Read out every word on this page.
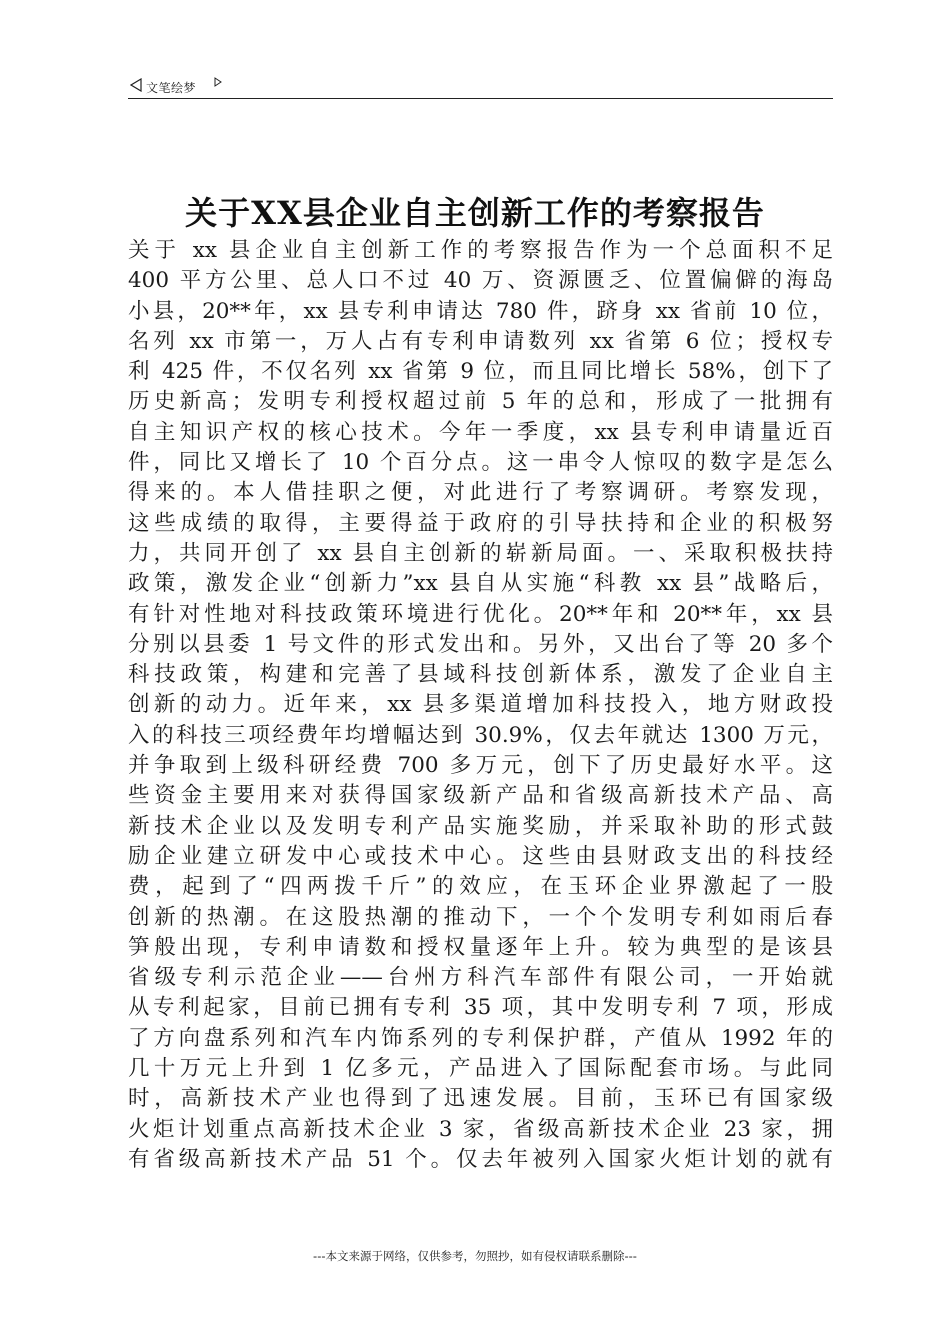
文笔绘梦
关于XX县企业自主创新工作的考察报告
关于 xx 县企业自主创新工作的考察报告作为一个总面积不足
400 平方公里、总人口不过 40 万、资源匮乏、位置偏僻的海岛
小县，20**年，xx 县专利申请达 780 件，跻身 xx 省前 10 位，
名列 xx 市第一，万人占有专利申请数列 xx 省第 6 位；授权专
利 425 件，不仅名列 xx 省第 9 位，而且同比增长 58%，创下了
历史新高；发明专利授权超过前 5 年的总和，形成了一批拥有
自主知识产权的核心技术。今年一季度，xx 县专利申请量近百
件，同比又增长了 10 个百分点。这一串令人惊叹的数字是怎么
得来的。本人借挂职之便，对此进行了考察调研。考察发现，
这些成绩的取得，主要得益于政府的引导扶持和企业的积极努
力，共同开创了 xx 县自主创新的崭新局面。一、采取积极扶持
政策，激发企业“创新力”xx 县自从实施“科教 xx 县”战略后，
有针对性地对科技政策环境进行优化。20**年和 20**年，xx 县
分别以县委 1 号文件的形式发出和。另外，又出台了等 20 多个
科技政策，构建和完善了县域科技创新体系，激发了企业自主
创新的动力。近年来，xx 县多渠道增加科技投入，地方财政投
入的科技三项经费年均增幅达到 30.9%，仅去年就达 1300 万元，
并争取到上级科研经费 700 多万元，创下了历史最好水平。这
些资金主要用来对获得国家级新产品和省级高新技术产品、高
新技术企业以及发明专利产品实施奖励，并采取补助的形式鼓
励企业建立研发中心或技术中心。这些由县财政支出的科技经
费，起到了“四两拨千斤”的效应，在玉环企业界激起了一股
创新的热潮。在这股热潮的推动下，一个个发明专利如雨后春
笋般出现，专利申请数和授权量逐年上升。较为典型的是该县
省级专利示范企业——台州方科汽车部件有限公司，一开始就
从专利起家，目前已拥有专利 35 项，其中发明专利 7 项，形成
了方向盘系列和汽车内饰系列的专利保护群，产值从 1992 年的
几十万元上升到 1 亿多元，产品进入了国际配套市场。与此同
时，高新技术产业也得到了迅速发展。目前，玉环已有国家级
火炬计划重点高新技术企业 3 家，省级高新技术企业 23 家，拥
有省级高新技术产品 51 个。仅去年被列入国家火炬计划的就有
---本文来源于网络，仅供参考，勿照抄，如有侵权请联系删除---
